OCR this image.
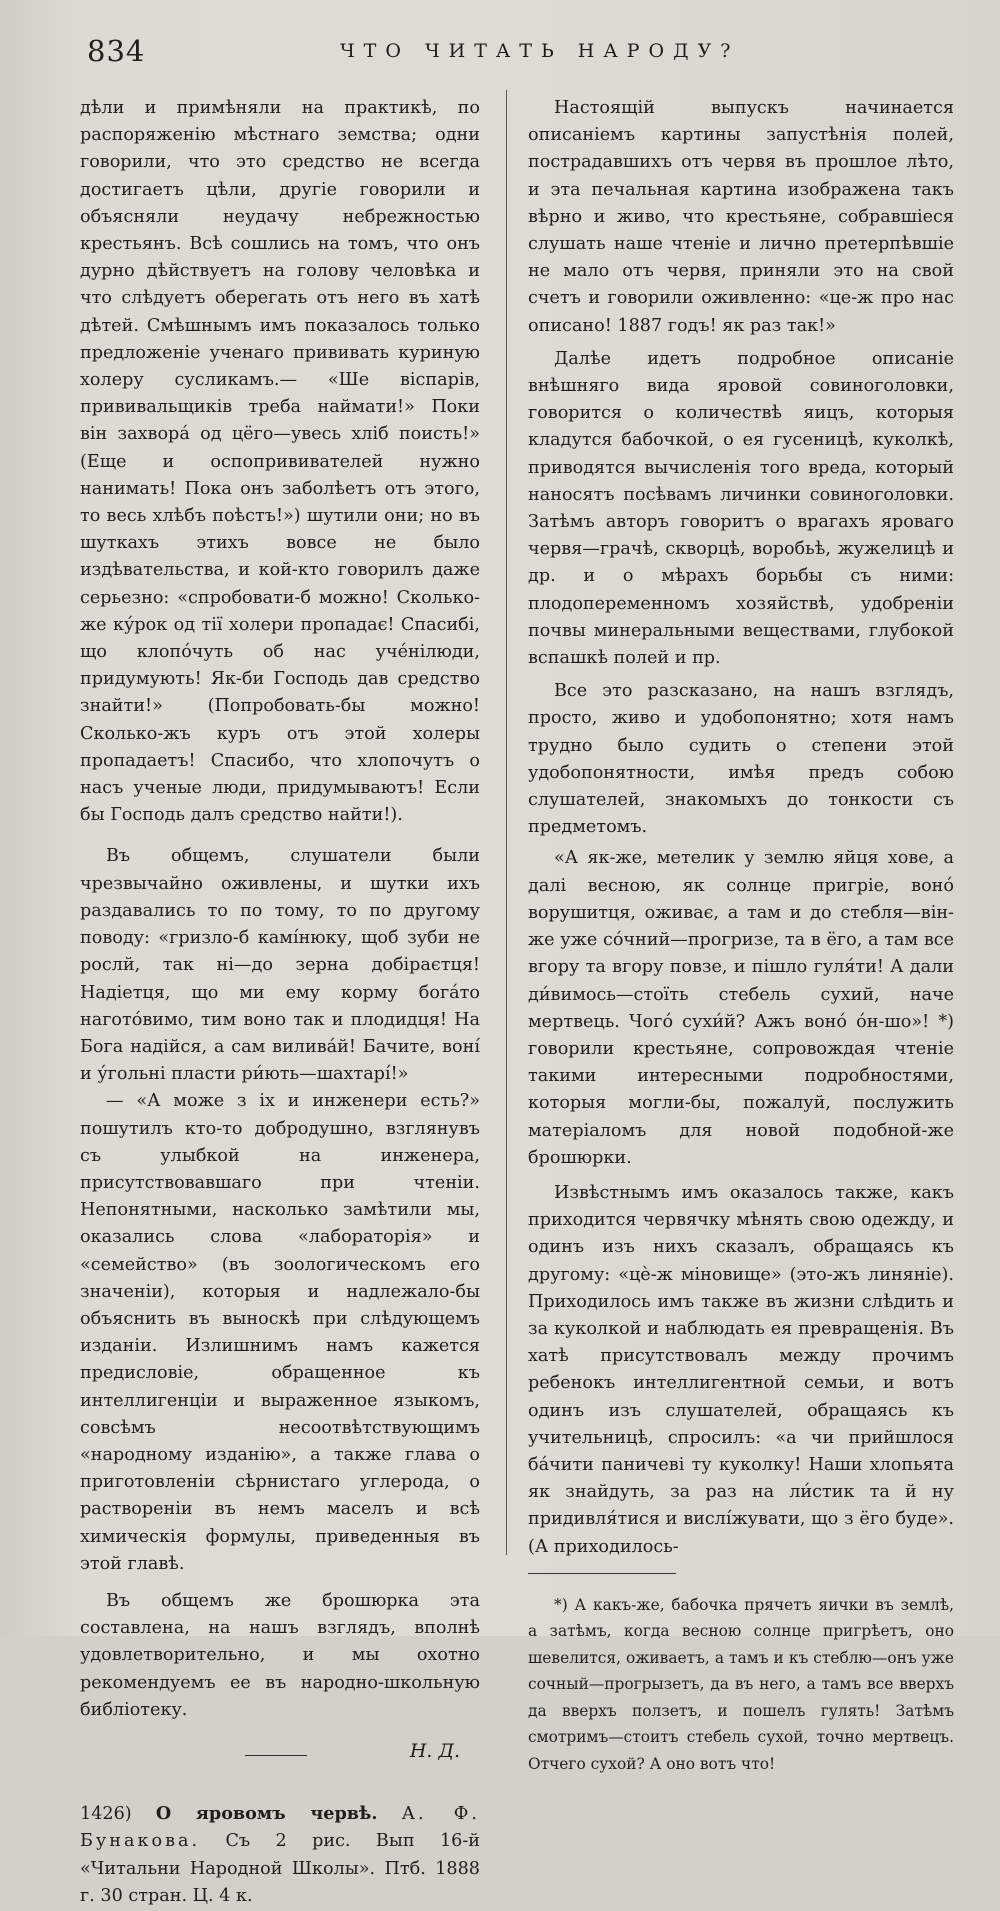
834	ЧТО ЧИТАТЬ НАРОДУ?

дѣли и примѣняли на практикѣ, по распоряженію мѣстнаго земства; одни говорили, что это средство не всегда достигаетъ цѣли, другіе говорили и объясняли неудачу небрежностью крестьянъ. Всѣ сошлись на томъ, что онъ дурно дѣйствуетъ на голову человѣка и что слѣдуетъ оберегать отъ него въ хатѣ дѣтей. Смѣшнымъ имъ показалось только предложеніе ученаго прививать куриную холеру сусликамъ.— «Ше віспарів, прививальщиків треба наймати!» Поки він захвора́ од цёго—увесь хліб поисть!» (Еще и оспопрививателей нужно нанимать! Пока онъ заболѣетъ отъ этого, то весь хлѣбъ поѣстъ!») шутили они; но въ шуткахъ этихъ вовсе не было издѣвательства, и кой-кто говорилъ даже серьезно: «спробовати-б можно! Сколько-же ку́рок од тії холери пропадає! Спасибі, що клопо́чуть об нас уче́нілюди, придумують! Як-би Господь дав средство знайти!» (Попробовать-бы можно! Сколько-жъ куръ отъ этой холеры пропадаетъ! Спасибо, что хлопочутъ о насъ ученые люди, придумываютъ! Если бы Господь далъ средство найти!).

Въ общемъ, слушатели были чрезвычайно оживлены, и шутки ихъ раздавались то по тому, то по другому поводу: «гризло-б камі́нюку, щоб зуби не рослй, так ні—до зерна добіраєтця! Надіетця, що ми ему корму бога́то нагото́вимо, тим воно так и плодидця! На Бога надійся, а сам вилива́й! Бачите, воні́ и у́гольні пласти ри́ють—шахтарі́!»

— «А може з іх и инженери есть?» пошутилъ кто-то добродушно, взглянувъ съ улыбкой на инженера, присутствовавшаго при чтеніи. Непонятными, насколько замѣтили мы, оказались слова «лабораторія» и «семейство» (въ зоологическомъ его значеніи), которыя и надлежало-бы объяснить въ выноскѣ при слѣдующемъ изданіи. Излишнимъ намъ кажется предисловіе, обращенное къ интеллигенціи и выраженное языкомъ, совсѣмъ несоотвѣтствующимъ «народному изданію», а также глава о приготовленіи сѣрнистаго углерода, о раствореніи въ немъ маселъ и всѣ химическія формулы, приведенныя въ этой главѣ.

Въ общемъ же брошюрка эта составлена, на нашъ взглядъ, вполнѣ удовлетворительно, и мы охотно рекомендуемъ ее въ народно-школьную библіотеку.

Н. Д.

1426) О яровомъ червѣ. А. Ф. Бунакова. Съ 2 рис. Вып 16-й «Читальни Народной Школы». Птб. 1888 г. 30 стран. Ц. 4 к.

Настоящій выпускъ начинается описаніемъ картины запустѣнія полей, пострадавшихъ отъ червя въ прошлое лѣто, и эта печальная картина изображена такъ вѣрно и живо, что крестьяне, собравшіеся слушать наше чтеніе и лично претерпѣвшіе не мало отъ червя, приняли это на свой счетъ и говорили оживленно: «це-ж про нас описано! 1887 годъ! як раз так!»

Далѣе идетъ подробное описаніе внѣшняго вида яровой совиноголовки, говорится о количествѣ яицъ, которыя кладутся бабочкой, о ея гусеницѣ, куколкѣ, приводятся вычисленія того вреда, который наносятъ посѣвамъ личинки совиноголовки. Затѣмъ авторъ говоритъ о врагахъ яроваго червя—грачѣ, скворцѣ, воробьѣ, жужелицѣ и др. и о мѣрахъ борьбы съ ними: плодопеременномъ хозяйствѣ, удобреніи почвы минеральными веществами, глубокой вспашкѣ полей и пр.

Все это разсказано, на нашъ взглядъ, просто, живо и удобопонятно; хотя намъ трудно было судить о степени этой удобопонятности, имѣя предъ собою слушателей, знакомыхъ до тонкости съ предметомъ.

«А як-же, метелик у землю яйця хове, а далі весною, як солнце пригріе, воно́ ворушитця, оживає, а там и до стебля—він-же уже со́чний—прогризе, та в ёго, а там все вгору та вгору повзе, и пішло гуля́ти! А дали ди́вимось—стоїть стебель сухий, наче мертвець. Чого́ сухи́й? Ажъ воно́ о́н-шо»! *) говорили крестьяне, сопровождая чтеніе такими интересными подробностями, которыя могли-бы, пожалуй, послужить матеріаломъ для новой подобной-же брошюрки.

Извѣстнымъ имъ оказалось также, какъ приходится червячку мѣнять свою одежду, и одинъ изъ нихъ сказалъ, обращаясь къ другому: «цѐ-ж міновище» (это-жъ линяніе). Приходилось имъ также въ жизни слѣдить и за куколкой и наблюдать ея превращенія. Въ хатѣ присутствовалъ между прочимъ ребенокъ интеллигентной семьи, и вотъ одинъ изъ слушателей, обращаясь къ учительницѣ, спросилъ: «а чи прийшлося ба́чити паничеві ту куколку! Наши хлопьята як знайдуть, за раз на ли́стик та й ну придивля́тися и вислі́жувати, що з ёго буде». (А приходилось-

*) А какъ-же, бабочка прячетъ яички въ землѣ, а затѣмъ, когда весною солнце пригрѣетъ, оно шевелится, оживаетъ, а тамъ и къ стеблю—онъ уже сочный—прогрызетъ, да въ него, а тамъ все вверхъ да вверхъ ползетъ, и пошелъ гулять! Затѣмъ смотримъ—стоитъ стебель сухой, точно мертвецъ. Отчего сухой? А оно вотъ что!
